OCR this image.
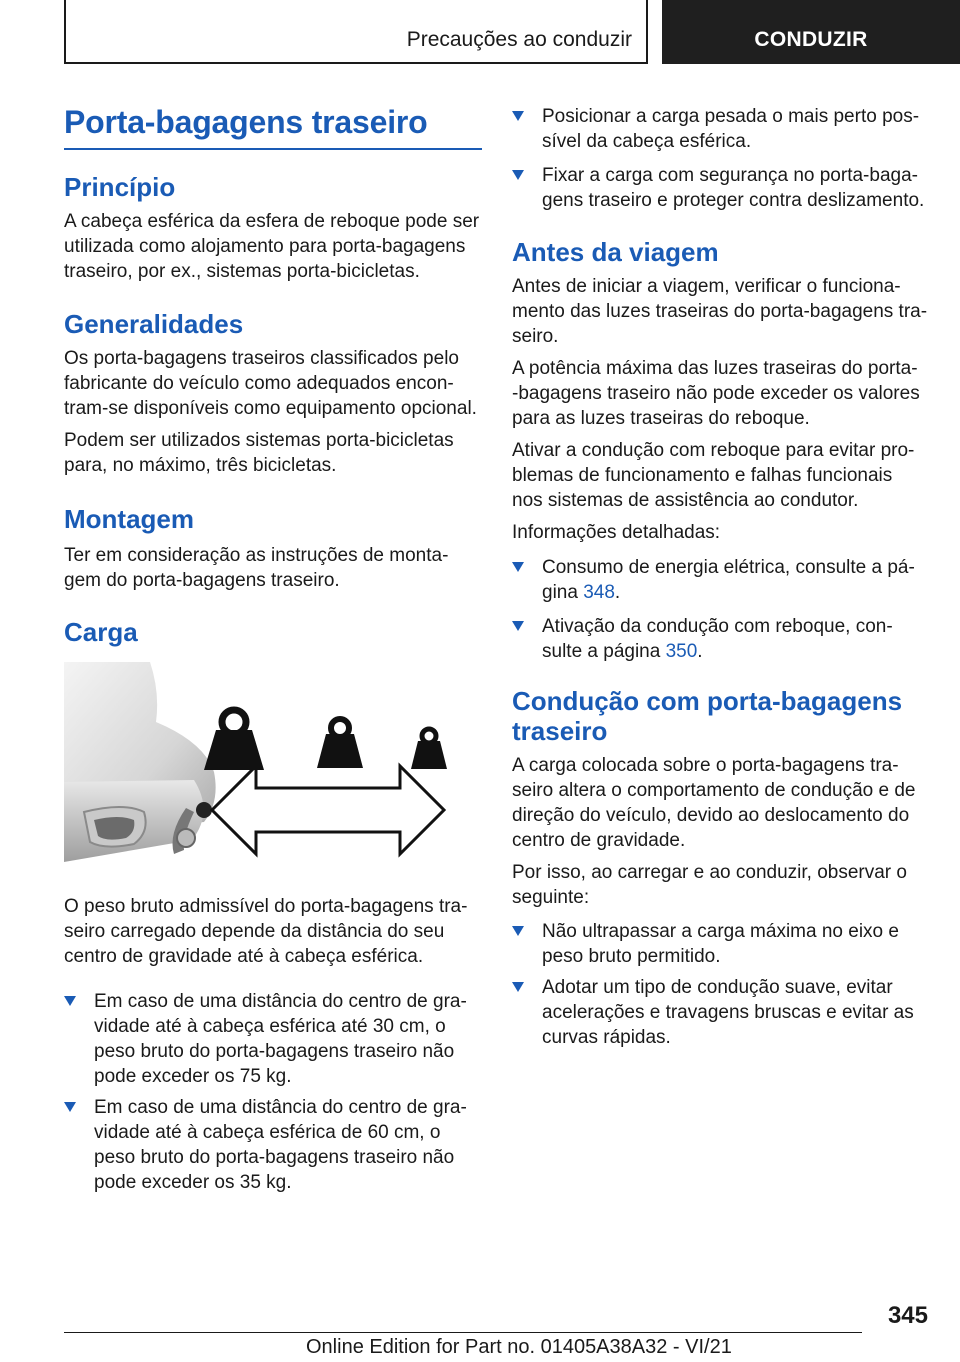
Precauções ao conduzir	CONDUZIR
Porta-bagagens traseiro
Princípio
A cabeça esférica da esfera de reboque pode ser
utilizada como alojamento para porta-bagagens
traseiro, por ex., sistemas porta-bicicletas.
Generalidades
Os porta-bagagens traseiros classificados pelo
fabricante do veículo como adequados encon‐
tram-se disponíveis como equipamento opcional.
Podem ser utilizados sistemas porta-bicicletas
para, no máximo, três bicicletas.
Montagem
Ter em consideração as instruções de monta‐
gem do porta-bagagens traseiro.
Carga
O peso bruto admissível do porta-bagagens tra‐
seiro carregado depende da distância do seu
centro de gravidade até à cabeça esférica.
Em caso de uma distância do centro de gra‐
vidade até à cabeça esférica até 30 cm, o
peso bruto do porta-bagagens traseiro não
pode exceder os 75 kg.
Em caso de uma distância do centro de gra‐
vidade até à cabeça esférica de 60 cm, o
peso bruto do porta-bagagens traseiro não
pode exceder os 35 kg.
Posicionar a carga pesada o mais perto pos‐
sível da cabeça esférica.
Fixar a carga com segurança no porta-baga‐
gens traseiro e proteger contra deslizamento.
Antes da viagem
Antes de iniciar a viagem, verificar o funciona‐
mento das luzes traseiras do porta-bagagens tra‐
seiro.
A potência máxima das luzes traseiras do porta-
-bagagens traseiro não pode exceder os valores
para as luzes traseiras do reboque.
Ativar a condução com reboque para evitar pro‐
blemas de funcionamento e falhas funcionais
nos sistemas de assistência ao condutor.
Informações detalhadas:
Consumo de energia elétrica, consulte a pá‐
gina 348.
Ativação da condução com reboque, con‐
sulte a página 350.
Condução com porta-bagagens
traseiro
A carga colocada sobre o porta-bagagens tra‐
seiro altera o comportamento de condução e de
direção do veículo, devido ao deslocamento do
centro de gravidade.
Por isso, ao carregar e ao conduzir, observar o
seguinte:
Não ultrapassar a carga máxima no eixo e
peso bruto permitido.
Adotar um tipo de condução suave, evitar
acelerações e travagens bruscas e evitar as
curvas rápidas.
345
Online Edition for Part no. 01405A38A32 - VI/21
